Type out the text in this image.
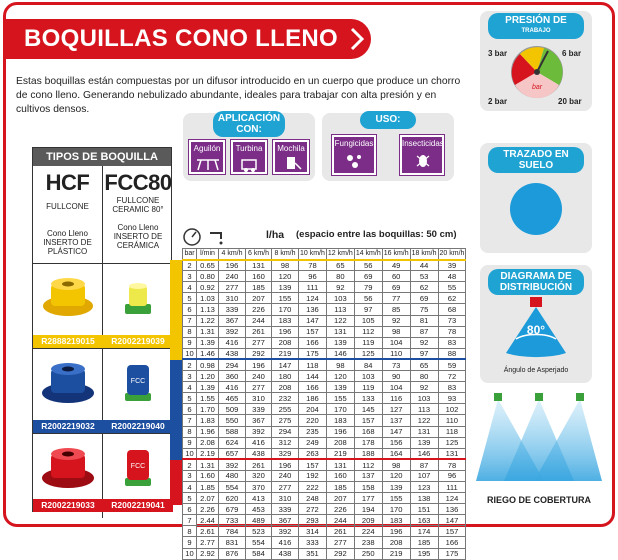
BOQUILLAS CONO LLENO
Estas boquillas están compuestas por un difusor introducido en un cuerpo que produce un chorro de cono lleno. Generando nebulizado abundante, ideales para trabajar con alta presión y en cultivos densos.
APLICACIÓN CON:
Aguilón	Turbina	Mochila
USO:
Fungicidas	Insecticidas
TIPOS DE BOQUILLA
HCF
FULLCONE
Cono Lleno
INSERTO DE PLÁSTICO
FCC80
FULLCONE CERAMIC 80°
Cono Lleno
INSERTO DE CERÁMICA
R2888219015	R2002219039
FCC
R2002219032	R2002219040
FCC
R2002219033	R2002219041
l/ha (espacio entre las boquillas: 50 cm)
bar	l/min	4 km/h	6 km/h	8 km/h	10 km/h	12 km/h	14 km/h	16 km/h	18 km/h	20 km/h
2	0.65	196	131	98	78	65	56	49	44	39
3	0.80	240	160	120	96	80	69	60	53	48
4	0.92	277	185	139	111	92	79	69	62	55
5	1.03	310	207	155	124	103	56	77	69	62
6	1.13	339	226	170	136	113	97	85	75	68
7	1.22	367	244	183	147	122	105	92	81	73
8	1.31	392	261	196	157	131	112	98	87	78
9	1.39	416	277	208	166	139	119	104	92	83
10	1.46	438	292	219	175	146	125	110	97	88
2	0.98	294	196	147	118	98	84	73	65	59
3	1.20	360	240	180	144	120	103	90	80	72
4	1.39	416	277	208	166	139	119	104	92	83
5	1.55	465	310	232	186	155	133	116	103	93
6	1.70	509	339	255	204	170	145	127	113	102
7	1.83	550	367	275	220	183	157	137	122	110
8	1.96	588	392	294	235	196	168	147	131	118
9	2.08	624	416	312	249	208	178	156	139	125
10	2.19	657	438	329	263	219	188	164	146	131
2	1.31	392	261	196	157	131	112	98	87	78
3	1.60	480	320	240	192	160	137	120	107	96
4	1.85	554	370	277	222	185	158	139	123	111
5	2.07	620	413	310	248	207	177	155	138	124
6	2.26	679	453	339	272	226	194	170	151	136
7	2.44	733	489	367	293	244	209	183	163	147
8	2.61	784	523	392	314	261	224	196	174	157
9	2.77	831	554	416	333	277	238	208	185	166
10	2.92	876	584	438	351	292	250	219	195	175
PRESIÓN DE
TRABAJO
3 bar	6 bar
2 bar	20 bar
bar
TRAZADO EN SUELO
DIAGRAMA DE DISTRIBUCIÓN
80°
Ángulo de Asperjado
RIEGO DE COBERTURA
